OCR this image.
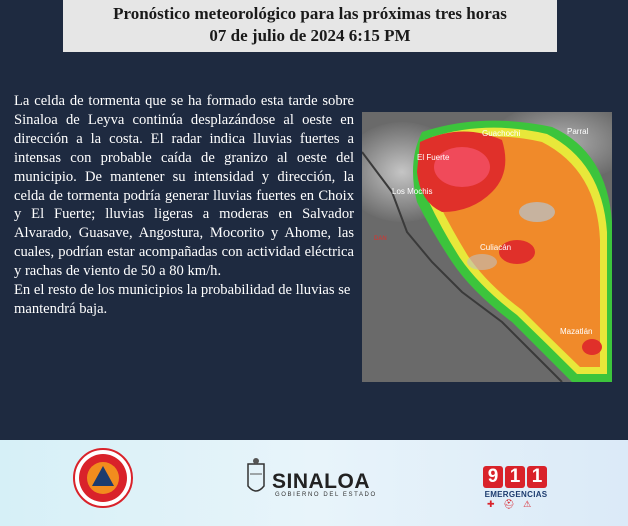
Pronóstico meteorológico para las próximas tres horas
07 de julio de 2024 6:15 PM

La celda de tormenta que se ha formado esta tarde sobre Sinaloa de Leyva continúa desplazándose al oeste en dirección a la costa. El radar indica lluvias fuertes a intensas con probable caída de granizo al oeste del municipio. De mantener su intensidad y dirección, la celda de tormenta podría generar lluvias fuertes en Choix y El Fuerte; lluvias ligeras a moderas en Salvador Alvarado, Guasave, Angostura, Mocorito y Ahome, las cuales, podrían estar acompañadas con actividad eléctrica y rachas de viento de 50 a 80 km/h.

En el resto de los municipios la probabilidad de lluvias se mantendrá baja.

Guachochi	Parral
El Fuerte
Los Mochis
Culiacán
Mazatlán
DAN
SINALOA
GOBIERNO DEL ESTADO
9 1 1
EMERGENCIAS
✚   ⛑   ⚠
